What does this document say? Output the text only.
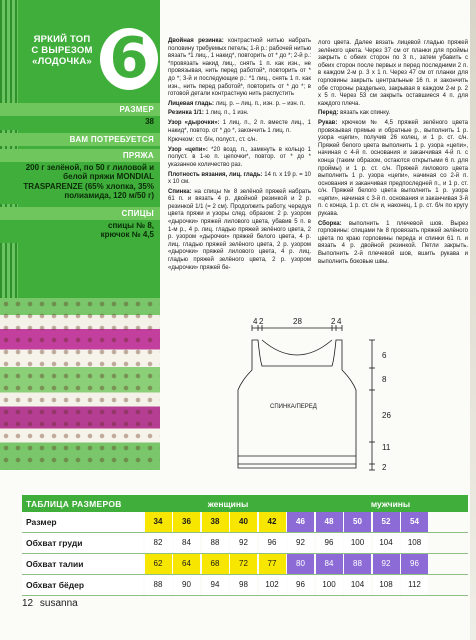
ЯРКИЙ ТОП
С ВЫРЕЗОМ
«ЛОДОЧКА» 6
РАЗМЕР
38
ВАМ ПОТРЕБУЕТСЯ
ПРЯЖА
200 г зелёной, по 50 г лиловой и белой пряжи MONDIAL TRASPARENZE (65% хлопка, 35% полиамида, 120 м/50 г)
СПИЦЫ
спицы № 8,
крючок № 4,5

Двойная резинка: контрастной нитью набрать половину требуемых петель; 1-й р.: рабочей нитью вязать *1 лиц., 1 накид*, повторить от * до *; 2-й р.: *провязать накид лиц., снять 1 п. как изн., не провязывая, нить перед работой*, повторить от * до *; 3-й и последующие р.: *1 лиц., снять 1 п. как изн., нить перед работой*, повторить от * до *; в готовой детали контрастную нить распустить

Лицевая гладь: лиц. р. – лиц. п., изн. р. – изн. п.

Резинка 1/1: 1 лиц. п., 1 изн.

Узор «дырочки»: 1 лиц. п., 2 п. вместе лиц., 1 накид*, повтор. от * до *, закончить 1 лиц. п.

Крючком: ст. б/н, полуст., ст. с/н.

Узор «цепи»: *20 возд. п., замкнуть в кольцо 1 полуст. в 1-ю п. цепочки*, повтор. от * до * указанное количество раз.

Плотность вязания, лиц. гладь: 14 п. х 19 р. = 10 х 10 см.

Спинка: на спицы № 8 зелёной пряжей набрать 61 п. и вязать 4 р. двойной резинкой и 2 р. резинкой 1/1 (= 2 см). Продолжить работу, чередуя цвета пряжи и узоры след. образом: 2 р. узором «дырочки» пряжей лилового цвета, убавив 5 п. в 1-м р., 4 р. лиц. гладью пряжей зелёного цвета, 2 р. узором «дырочки» пряжей белого цвета, 4 р. лиц. гладью пряжей зелёного цвета, 2 р. узором «дырочки» пряжей лилового цвета, 4 р. лиц. гладью пряжей зелёного цвета, 2 р. узором «дырочки» пряжей бе-

лого цвета. Далее вязать лицевой гладью пряжей зелёного цвета. Через 37 см от планки для проймы закрыть с обеих сторон по 3 п., затем убавить с обеих сторон после первых и перед последними 2 п. в каждом 2-м р. 3 х 1 п. Через 47 см от планки для горловины закрыть центральные 16 п. и закончить обе стороны раздельно, закрывая в каждом 2-м р. 2 х 5 п. Через 53 см закрыть оставшиеся 4 п. для каждого плеча.

Перед: вязать как спинку.

Рукав: крючком № 4,5 пряжей зелёного цвета провязывая прямые и обратные р., выполнить 1 р. узора «цепи», получив 26 колец, и 1 р. ст. с/н. Пряжей белого цвета выполнить 1 р. узора «цепи», начиная с 4-й п. основания и заканчивая 4-й п. с конца (таким образом, остаются открытыми 6 п. для проймы) и 1 р. ст. с/н. Пряжей лилового цвета выполнить 1 р. узора «цепи», начиная со 2-й п. основания и заканчивая предпоследней п., и 1 р. ст. с/н. Пряжей белого цвета выполнить 1 р. узора «цепи», начиная с 3-й п. основания и заканчивая 3-й п. с конца, 1 р. ст. с/н и, наконец, 1 р. ст. б/н по кругу рукава.

Сборка: выполнить 1 плечевой шов. Вырез горловины: спицами № 8 провязать пряжей зелёного цвета по краю горловины переда и спинки 61 п. и вязать 4 р. двойной резинкой. Петли закрыть. Выполнить 2-й плечевой шов, вшить рукава и выполнить боковые швы.

4 2	28	2 4
6
8
26
11
2
СПИНКА/ПЕРЕД
ТАБЛИЦА РАЗМЕРОВ	женщины	мужчины
Размер	34	36	38	40	42	46	48	50	52	54
Обхват груди	82	84	88	92	96	92	96	100	104	108
Обхват талии	62	64	68	72	77	80	84	88	92	96
Обхват бёдер	88	90	94	98	102	96	100	104	108	112
12 susanna
